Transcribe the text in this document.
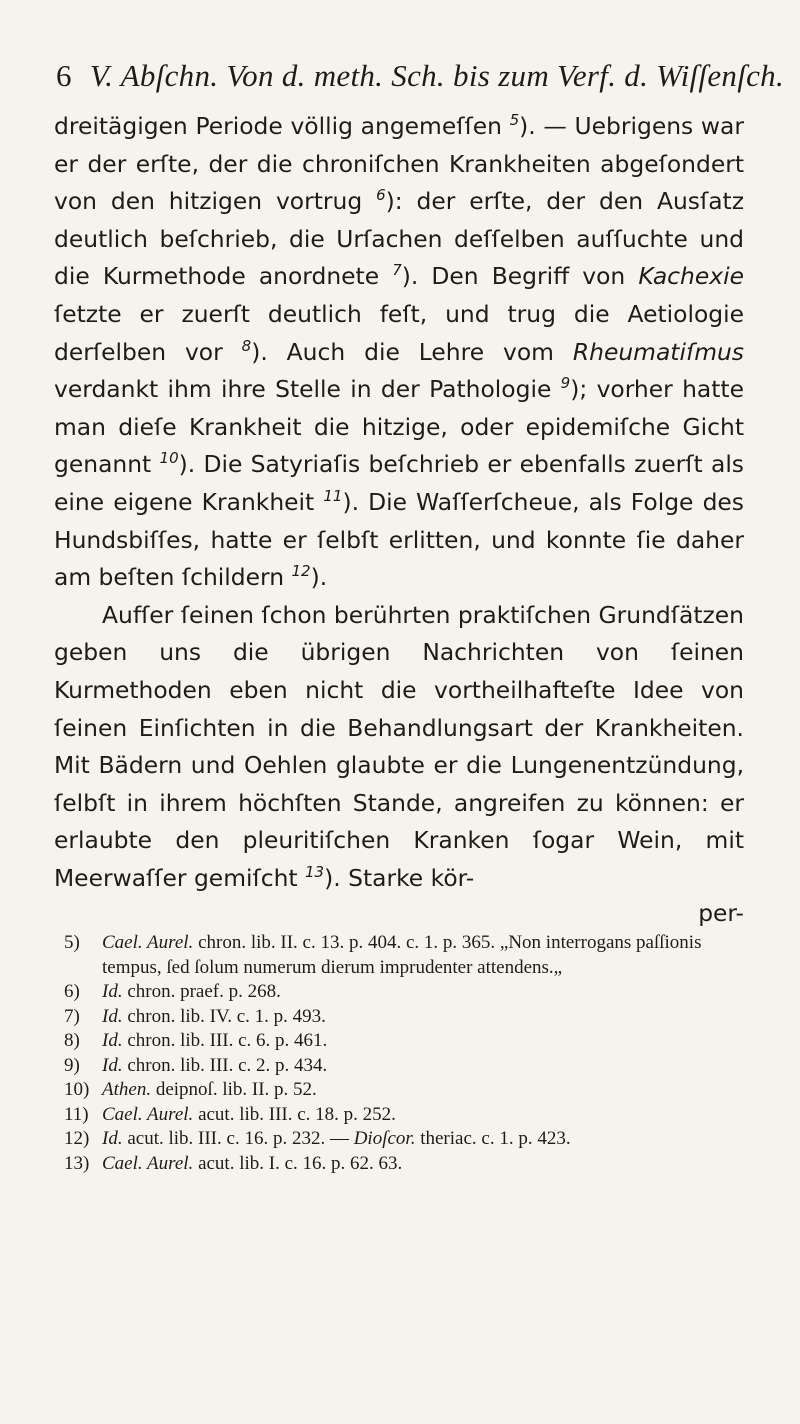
6 V. Abſchn. Von d. meth. Sch. bis zum Verf. d. Wiſſenſch.

dreitägigen Periode völlig angemeſſen $^5$). — Uebrigens war er der erſte, der die chroniſchen Krankheiten abgeſondert von den hitzigen vortrug $^6$): der erſte, der den Ausſatz deutlich beſchrieb, die Urſachen deſſelben auſſuchte und die Kurmethode anordnete $^7$). Den Begriff von Kachexie ſetzte er zuerſt deutlich feſt, und trug die Aetiologie derſelben vor $^8$). Auch die Lehre vom Rheumatiſmus verdankt ihm ihre Stelle in der Pathologie $^9$); vorher hatte man dieſe Krankheit die hitzige, oder epidemiſche Gicht genannt $^{10}$). Die Satyriaſis beſchrieb er ebenfalls zuerſt als eine eigene Krankheit $^{11}$). Die Waſſerſcheue, als Folge des Hundsbiſſes, hatte er ſelbſt erlitten, und konnte ſie daher am beſten ſchildern $^{12}$).

Aufſer ſeinen ſchon berührten praktiſchen Grundſätzen geben uns die übrigen Nachrichten von ſeinen Kurmethoden eben nicht die vortheilhafteſte Idee von ſeinen Einſichten in die Behandlungsart der Krankheiten. Mit Bädern und Oehlen glaubte er die Lungenentzündung, ſelbſt in ihrem höchſten Stande, angreifen zu können: er erlaubte den pleuritiſchen Kranken ſogar Wein, mit Meerwaſſer gemiſcht $^{13}$). Starke kör-

per-
5) Cael. Aurel. chron. lib. II. c. 13. p. 404. c. 1. p. 365. „Non interrogans paſſionis tempus, ſed ſolum numerum dierum imprudenter attendens.„
6) Id. chron. praef. p. 268.
7) Id. chron. lib. IV. c. 1. p. 493.
8) Id. chron. lib. III. c. 6. p. 461.
9) Id. chron. lib. III. c. 2. p. 434.
10) Athen. deipnoſ. lib. II. p. 52.
11) Cael. Aurel. acut. lib. III. c. 18. p. 252.
12) Id. acut. lib. III. c. 16. p. 232. — Dioſcor. theriac. c. 1. p. 423.
13) Cael. Aurel. acut. lib. I. c. 16. p. 62. 63.
